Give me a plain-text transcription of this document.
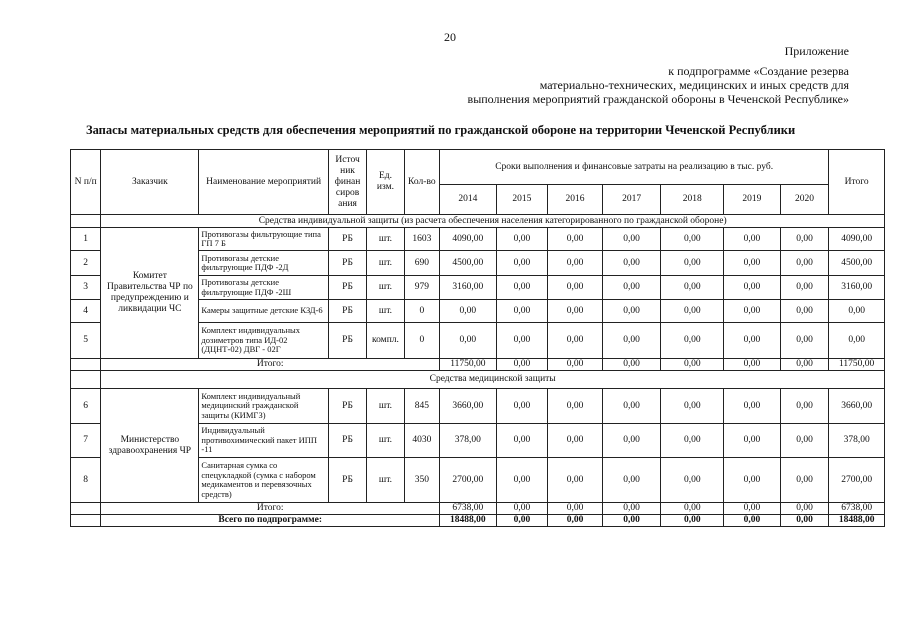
20
Приложение
к подпрограмме «Создание резерва
материально-технических, медицинских и иных средств для
выполнения мероприятий гражданской обороны в Чеченской Республике»
Запасы материальных средств для обеспечения мероприятий по гражданской обороне на территории Чеченской Республики
N п/п	Заказчик	Наименование мероприятий	Источ ник финан сиров ания	Ед. изм.	Кол-во	Сроки выполнения и финансовые затраты на реализацию в тыс. руб.							Итого
						2014	2015	2016	2017	2018	2019	2020	
	Средства индивидуальной защиты (из расчета обеспечения населения категорированного по гражданской обороне)												
1	Комитет Правительства ЧР по предупреждению и ликвидации ЧС	Противогазы фильтрующие типа ГП 7 Б	РБ	шт.	1603	4090,00	0,00	0,00	0,00	0,00	0,00	0,00	4090,00
2		Противогазы детские фильтрующие ПДФ -2Д	РБ	шт.	690	4500,00	0,00	0,00	0,00	0,00	0,00	0,00	4500,00
3		Противогазы детские фильтрующие ПДФ -2Ш	РБ	шт.	979	3160,00	0,00	0,00	0,00	0,00	0,00	0,00	3160,00
4		Камеры защитные детские КЗД-6	РБ	шт.	0	0,00	0,00	0,00	0,00	0,00	0,00	0,00	0,00
5		Комплект индивидуальных дозиметров типа ИД-02 (ДЦНТ-02) ДВГ - 02Г	РБ	компл.	0	0,00	0,00	0,00	0,00	0,00	0,00	0,00	0,00
	Итого:					11750,00	0,00	0,00	0,00	0,00	0,00	0,00	11750,00
	Средства медицинской защиты												
6	Министерство здравоохранения ЧР	Комплект индивидуальный медицинский гражданской защиты (КИМГЗ)	РБ	шт.	845	3660,00	0,00	0,00	0,00	0,00	0,00	0,00	3660,00
7		Индивидуальный противохимический пакет ИПП -11	РБ	шт.	4030	378,00	0,00	0,00	0,00	0,00	0,00	0,00	378,00
8		Санитарная сумка со спецукладкой (сумка с набором медикаментов и перевязочных средств)	РБ	шт.	350	2700,00	0,00	0,00	0,00	0,00	0,00	0,00	2700,00
	Итого:					6738,00	0,00	0,00	0,00	0,00	0,00	0,00	6738,00
	Всего по подпрограмме:					18488,00	0,00	0,00	0,00	0,00	0,00	0,00	18488,00
